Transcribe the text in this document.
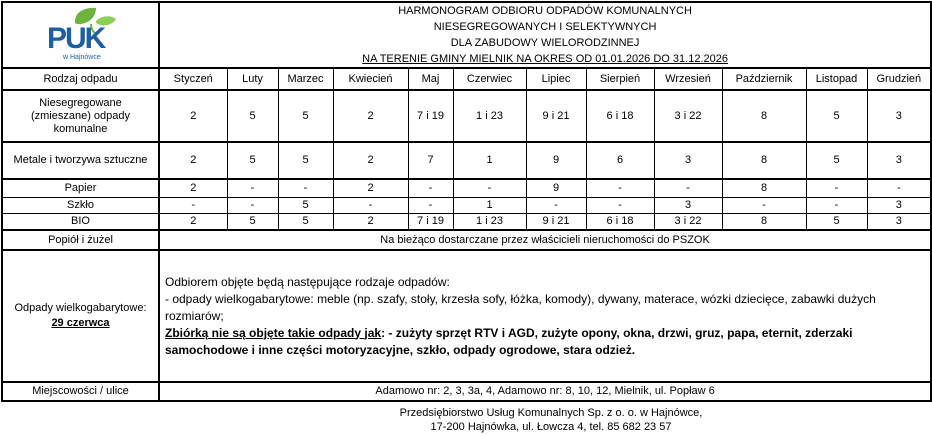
PUK
w Hajnówce

HARMONOGRAM ODBIORU ODPADÓW KOMUNALNYCH
NIESEGREGOWANYCH I SELEKTYWNYCH
DLA ZABUDOWY WIELORODZINNEJ
NA TERENIE GMINY MIELNIK NA OKRES OD 01.01.2026 DO 31.12.2026

Rodzaj odpadu	Styczeń	Luty	Marzec	Kwiecień	Maj	Czerwiec	Lipiec	Sierpień	Wrzesień	Październik	Listopad	Grudzień

Niesegregowane (zmieszane) odpady komunalne	2	5	5	2	7 i 19	1 i 23	9 i 21	6 i 18	3 i 22	8	5	3
Metale i tworzywa sztuczne	2	5	5	2	7	1	9	6	3	8	5	3
Papier	2	-	-	2	-	-	9	-	-	8	-	-
Szkło	-	-	5	-	-	1	-	-	3	-	-	3
BIO	2	5	5	2	7 i 19	1 i 23	9 i 21	6 i 18	3 i 22	8	5	3
Popiół i żużel	Na bieżąco dostarczane przez właścicieli nieruchomości do PSZOK											
Odpady wielkogabarytowe:
29 czerwca

Odbiorem objęte będą następujące rodzaje odpadów:
- odpady wielkogabarytowe: meble (np. szafy, stoły, krzesła sofy, łóżka, komody), dywany, materace, wózki dziecięce, zabawki dużych rozmiarów;
Zbiórką nie są objęte takie odpady jak: - zużyty sprzęt RTV i AGD, zużyte opony, okna, drzwi, gruz, papa, eternit, zderzaki samochodowe i inne części motoryzacyjne, szkło, odpady ogrodowe, stara odzież.

Miejscowości / ulice	Adamowo nr: 2, 3, 3a, 4, Adamowo nr: 8, 10, 12, Mielnik, ul. Popław 6											
Przedsiębiorstwo Usług Komunalnych Sp. z o. o. w Hajnówce,
17-200 Hajnówka, ul. Łowcza 4, tel. 85 682 23 57
